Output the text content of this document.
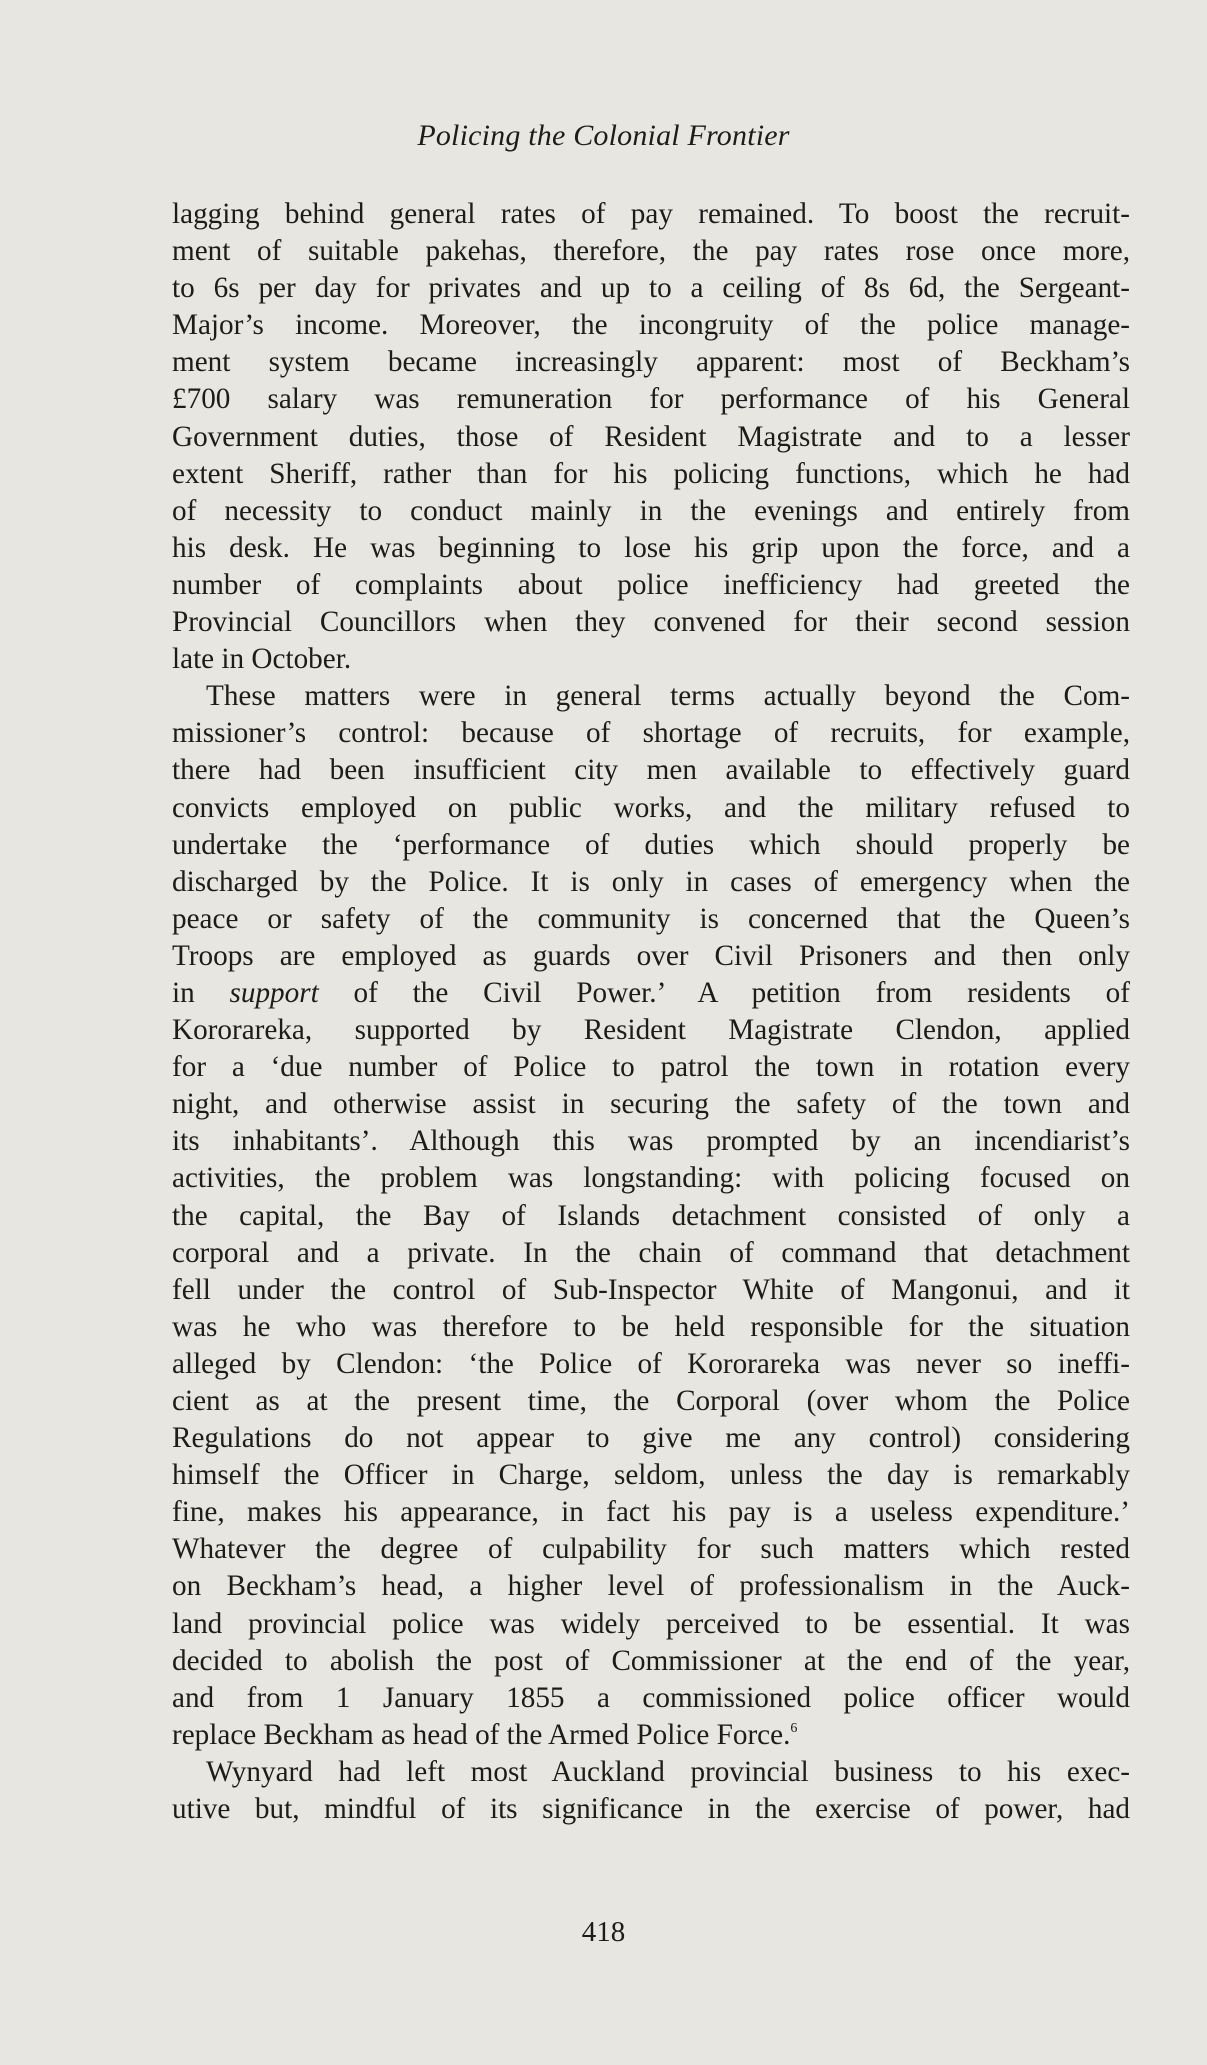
Policing the Colonial Frontier
lagging behind general rates of pay remained. To boost the recruit-
ment of suitable pakehas, therefore, the pay rates rose once more,
to 6s per day for privates and up to a ceiling of 8s 6d, the Sergeant-
Major’s income. Moreover, the incongruity of the police manage-
ment system became increasingly apparent: most of Beckham’s
£700 salary was remuneration for performance of his General
Government duties, those of Resident Magistrate and to a lesser
extent Sheriff, rather than for his policing functions, which he had
of necessity to conduct mainly in the evenings and entirely from
his desk. He was beginning to lose his grip upon the force, and a
number of complaints about police inefficiency had greeted the
Provincial Councillors when they convened for their second session
late in October.
These matters were in general terms actually beyond the Com-
missioner’s control: because of shortage of recruits, for example,
there had been insufficient city men available to effectively guard
convicts employed on public works, and the military refused to
undertake the ‘performance of duties which should properly be
discharged by the Police. It is only in cases of emergency when the
peace or safety of the community is concerned that the Queen’s
Troops are employed as guards over Civil Prisoners and then only
in support of the Civil Power.’ A petition from residents of
Kororareka, supported by Resident Magistrate Clendon, applied
for a ‘due number of Police to patrol the town in rotation every
night, and otherwise assist in securing the safety of the town and
its inhabitants’. Although this was prompted by an incendiarist’s
activities, the problem was longstanding: with policing focused on
the capital, the Bay of Islands detachment consisted of only a
corporal and a private. In the chain of command that detachment
fell under the control of Sub-Inspector White of Mangonui, and it
was he who was therefore to be held responsible for the situation
alleged by Clendon: ‘the Police of Kororareka was never so ineffi-
cient as at the present time, the Corporal (over whom the Police
Regulations do not appear to give me any control) considering
himself the Officer in Charge, seldom, unless the day is remarkably
fine, makes his appearance, in fact his pay is a useless expenditure.’
Whatever the degree of culpability for such matters which rested
on Beckham’s head, a higher level of professionalism in the Auck-
land provincial police was widely perceived to be essential. It was
decided to abolish the post of Commissioner at the end of the year,
and from 1 January 1855 a commissioned police officer would
replace Beckham as head of the Armed Police Force.$^6$
Wynyard had left most Auckland provincial business to his exec-
utive but, mindful of its significance in the exercise of power, had
418
